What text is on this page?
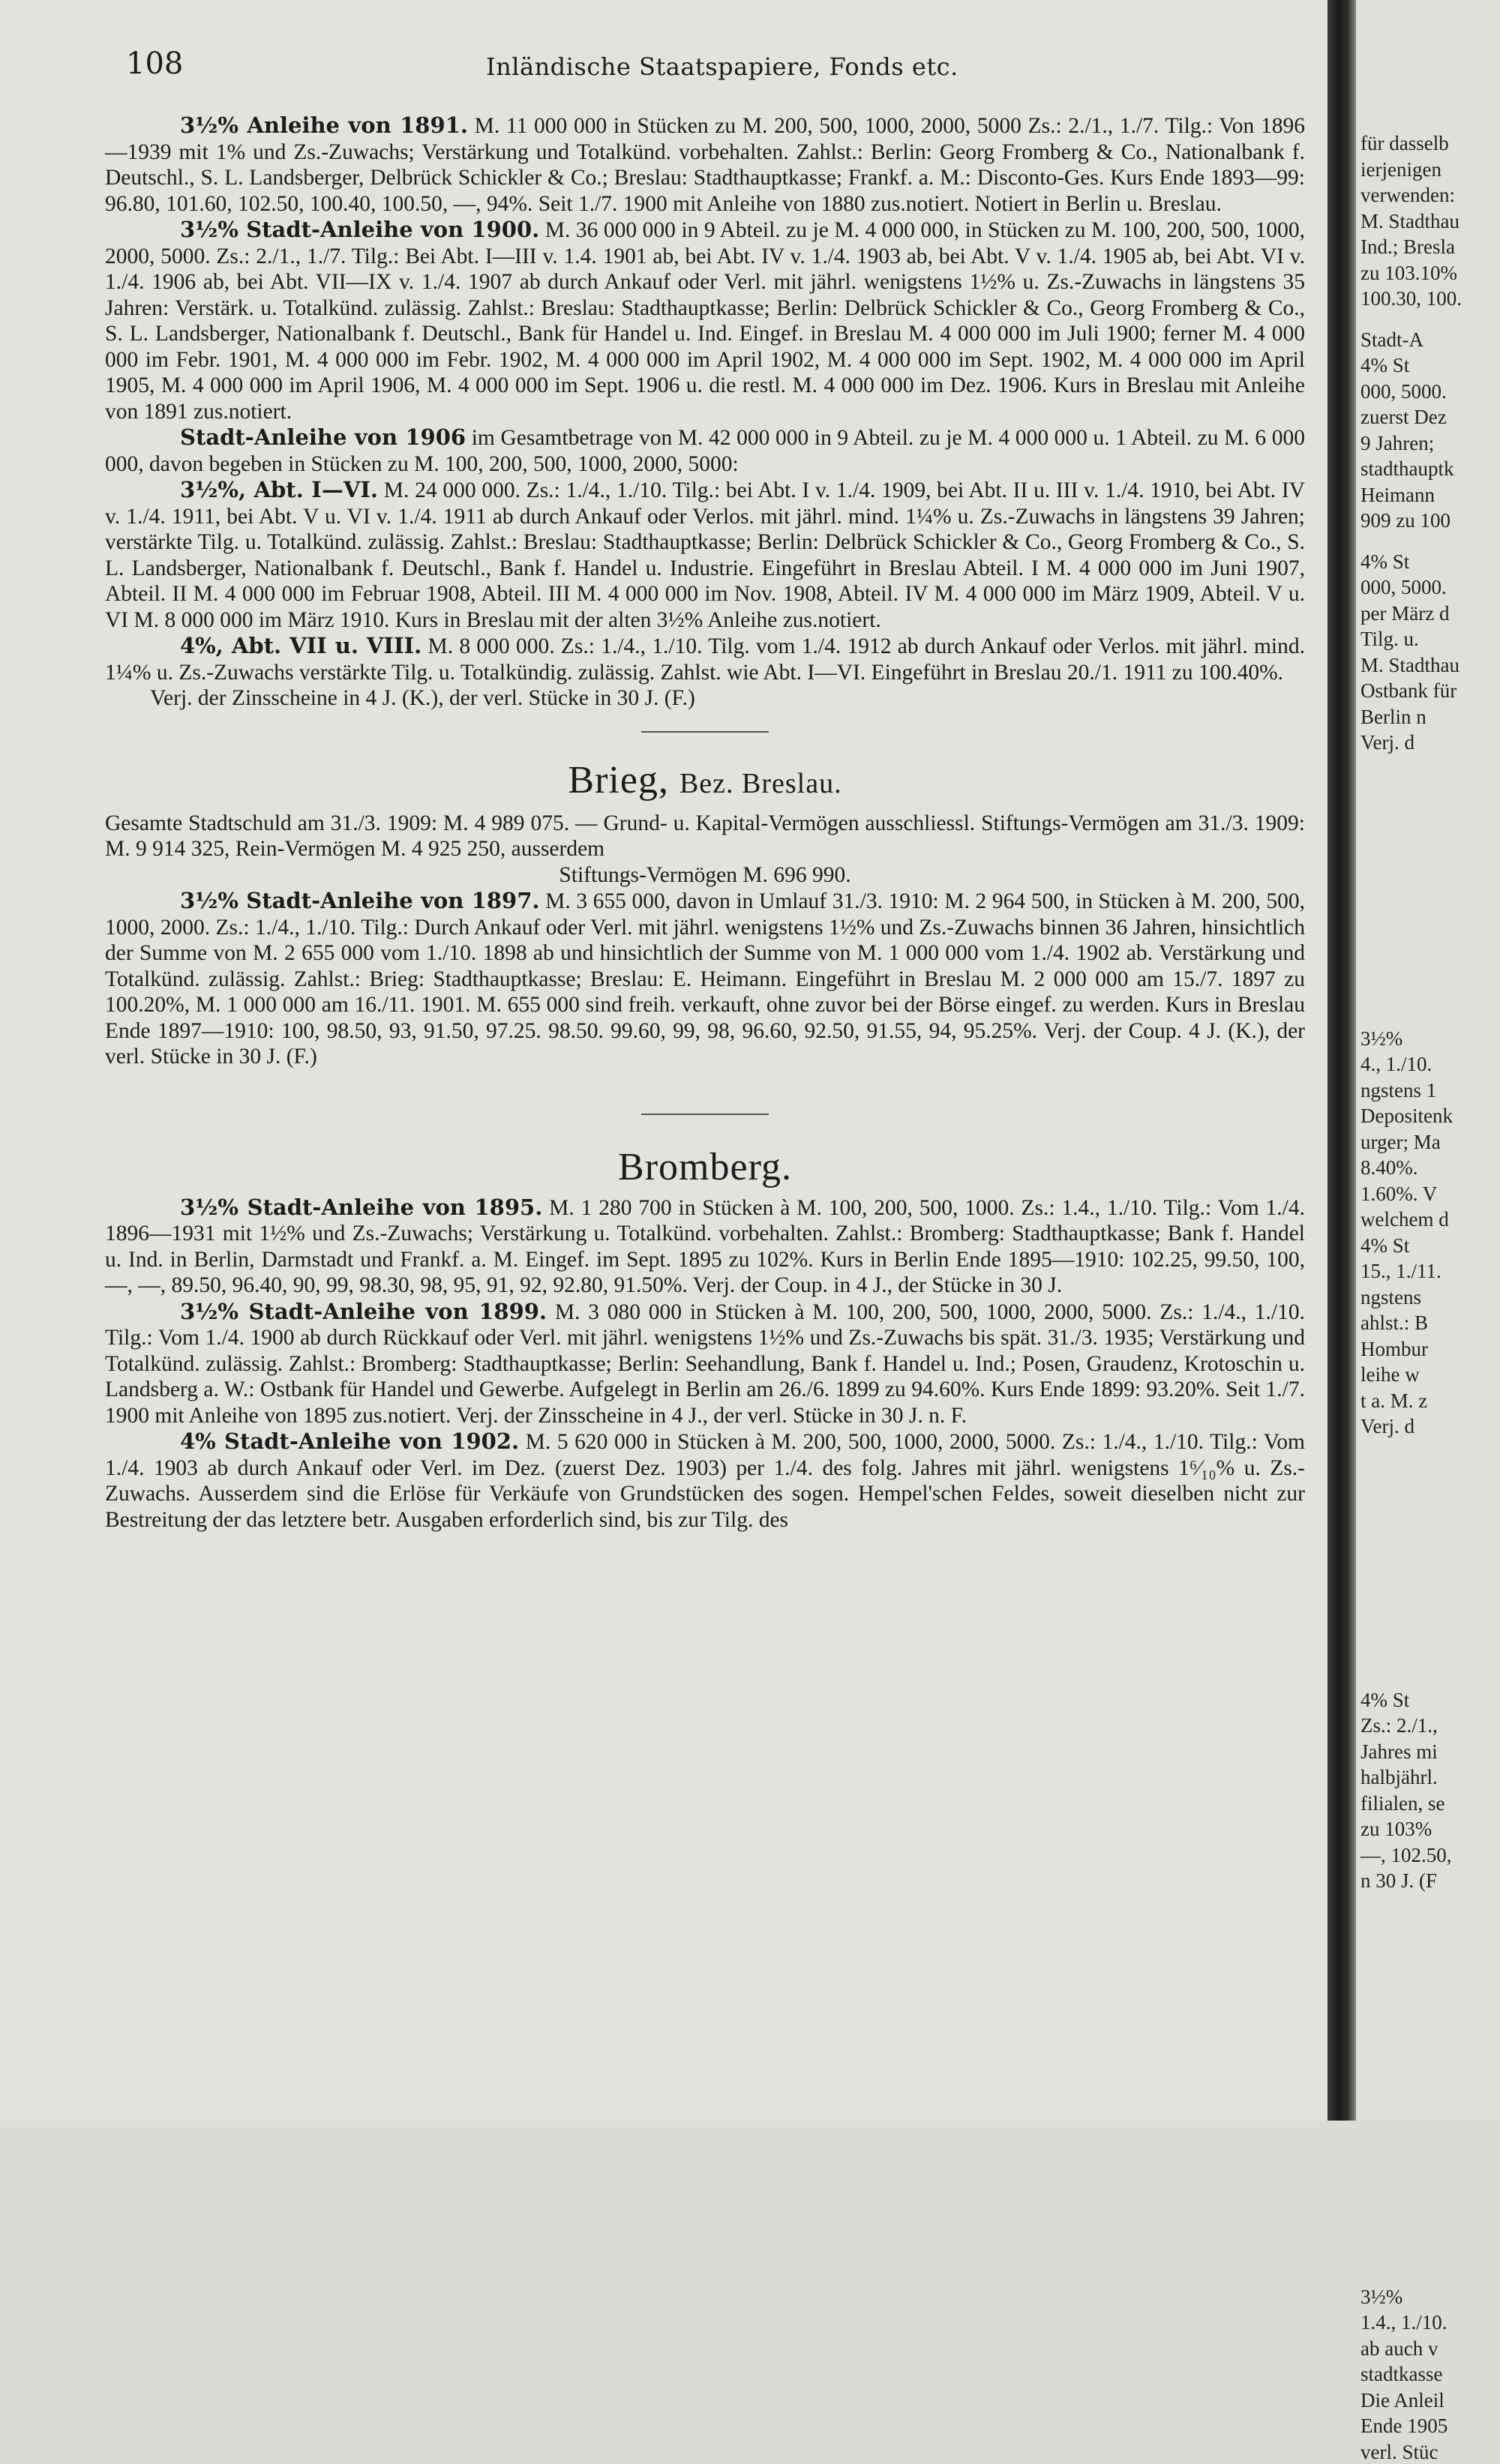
108	Inländische Staatspapiere, Fonds etc.

3½% Anleihe von 1891. M. 11 000 000 in Stücken zu M. 200, 500, 1000, 2000, 5000 Zs.: 2./1., 1./7. Tilg.: Von 1896—1939 mit 1% und Zs.-Zuwachs; Verstärkung und Totalkünd. vorbehalten. Zahlst.: Berlin: Georg Fromberg & Co., Nationalbank f. Deutschl., S. L. Landsberger, Delbrück Schickler & Co.; Breslau: Stadthauptkasse; Frankf. a. M.: Disconto-Ges. Kurs Ende 1893—99: 96.80, 101.60, 102.50, 100.40, 100.50, —, 94%. Seit 1./7. 1900 mit Anleihe von 1880 zus.notiert. Notiert in Berlin u. Breslau.

3½% Stadt-Anleihe von 1900. M. 36 000 000 in 9 Abteil. zu je M. 4 000 000, in Stücken zu M. 100, 200, 500, 1000, 2000, 5000. Zs.: 2./1., 1./7. Tilg.: Bei Abt. I—III v. 1.4. 1901 ab, bei Abt. IV v. 1./4. 1903 ab, bei Abt. V v. 1./4. 1905 ab, bei Abt. VI v. 1./4. 1906 ab, bei Abt. VII—IX v. 1./4. 1907 ab durch Ankauf oder Verl. mit jährl. wenigstens 1½% u. Zs.-Zuwachs in längstens 35 Jahren: Verstärk. u. Totalkünd. zulässig. Zahlst.: Breslau: Stadthauptkasse; Berlin: Delbrück Schickler & Co., Georg Fromberg & Co., S. L. Landsberger, Nationalbank f. Deutschl., Bank für Handel u. Ind. Eingef. in Breslau M. 4 000 000 im Juli 1900; ferner M. 4 000 000 im Febr. 1901, M. 4 000 000 im Febr. 1902, M. 4 000 000 im April 1902, M. 4 000 000 im Sept. 1902, M. 4 000 000 im April 1905, M. 4 000 000 im April 1906, M. 4 000 000 im Sept. 1906 u. die restl. M. 4 000 000 im Dez. 1906. Kurs in Breslau mit Anleihe von 1891 zus.notiert.

Stadt-Anleihe von 1906 im Gesamtbetrage von M. 42 000 000 in 9 Abteil. zu je M. 4 000 000 u. 1 Abteil. zu M. 6 000 000, davon begeben in Stücken zu M. 100, 200, 500, 1000, 2000, 5000:

3½%, Abt. I—VI. M. 24 000 000. Zs.: 1./4., 1./10. Tilg.: bei Abt. I v. 1./4. 1909, bei Abt. II u. III v. 1./4. 1910, bei Abt. IV v. 1./4. 1911, bei Abt. V u. VI v. 1./4. 1911 ab durch Ankauf oder Verlos. mit jährl. mind. 1¼% u. Zs.-Zuwachs in längstens 39 Jahren; verstärkte Tilg. u. Totalkünd. zulässig. Zahlst.: Breslau: Stadthauptkasse; Berlin: Delbrück Schickler & Co., Georg Fromberg & Co., S. L. Landsberger, Nationalbank f. Deutschl., Bank f. Handel u. Industrie. Eingeführt in Breslau Abteil. I M. 4 000 000 im Juni 1907, Abteil. II M. 4 000 000 im Februar 1908, Abteil. III M. 4 000 000 im Nov. 1908, Abteil. IV M. 4 000 000 im März 1909, Abteil. V u. VI M. 8 000 000 im März 1910. Kurs in Breslau mit der alten 3½% Anleihe zus.notiert.

4%, Abt. VII u. VIII. M. 8 000 000. Zs.: 1./4., 1./10. Tilg. vom 1./4. 1912 ab durch Ankauf oder Verlos. mit jährl. mind. 1¼% u. Zs.-Zuwachs verstärkte Tilg. u. Totalkündig. zulässig. Zahlst. wie Abt. I—VI. Eingeführt in Breslau 20./1. 1911 zu 100.40%.

Verj. der Zinsscheine in 4 J. (K.), der verl. Stücke in 30 J. (F.)

Brieg, Bez. Breslau.

Gesamte Stadtschuld am 31./3. 1909: M. 4 989 075. — Grund- u. Kapital-Vermögen ausschliessl. Stiftungs-Vermögen am 31./3. 1909: M. 9 914 325, Rein-Vermögen M. 4 925 250, ausserdem

Stiftungs-Vermögen M. 696 990.

3½% Stadt-Anleihe von 1897. M. 3 655 000, davon in Umlauf 31./3. 1910: M. 2 964 500, in Stücken à M. 200, 500, 1000, 2000. Zs.: 1./4., 1./10. Tilg.: Durch Ankauf oder Verl. mit jährl. wenigstens 1½% und Zs.-Zuwachs binnen 36 Jahren, hinsichtlich der Summe von M. 2 655 000 vom 1./10. 1898 ab und hinsichtlich der Summe von M. 1 000 000 vom 1./4. 1902 ab. Verstärkung und Totalkünd. zulässig. Zahlst.: Brieg: Stadthauptkasse; Breslau: E. Heimann. Eingeführt in Breslau M. 2 000 000 am 15./7. 1897 zu 100.20%, M. 1 000 000 am 16./11. 1901. M. 655 000 sind freih. verkauft, ohne zuvor bei der Börse eingef. zu werden. Kurs in Breslau Ende 1897—1910: 100, 98.50, 93, 91.50, 97.25. 98.50. 99.60, 99, 98, 96.60, 92.50, 91.55, 94, 95.25%. Verj. der Coup. 4 J. (K.), der verl. Stücke in 30 J. (F.)

Bromberg.

3½% Stadt-Anleihe von 1895. M. 1 280 700 in Stücken à M. 100, 200, 500, 1000. Zs.: 1.4., 1./10. Tilg.: Vom 1./4. 1896—1931 mit 1½% und Zs.-Zuwachs; Verstärkung u. Totalkünd. vorbehalten. Zahlst.: Bromberg: Stadthauptkasse; Bank f. Handel u. Ind. in Berlin, Darmstadt und Frankf. a. M. Eingef. im Sept. 1895 zu 102%. Kurs in Berlin Ende 1895—1910: 102.25, 99.50, 100, —, —, 89.50, 96.40, 90, 99, 98.30, 98, 95, 91, 92, 92.80, 91.50%. Verj. der Coup. in 4 J., der Stücke in 30 J.

3½% Stadt-Anleihe von 1899. M. 3 080 000 in Stücken à M. 100, 200, 500, 1000, 2000, 5000. Zs.: 1./4., 1./10. Tilg.: Vom 1./4. 1900 ab durch Rückkauf oder Verl. mit jährl. wenigstens 1½% und Zs.-Zuwachs bis spät. 31./3. 1935; Verstärkung und Totalkünd. zulässig. Zahlst.: Bromberg: Stadthauptkasse; Berlin: Seehandlung, Bank f. Handel u. Ind.; Posen, Graudenz, Krotoschin u. Landsberg a. W.: Ostbank für Handel und Gewerbe. Aufgelegt in Berlin am 26./6. 1899 zu 94.60%. Kurs Ende 1899: 93.20%. Seit 1./7. 1900 mit Anleihe von 1895 zus.notiert. Verj. der Zinsscheine in 4 J., der verl. Stücke in 30 J. n. F.

4% Stadt-Anleihe von 1902. M. 5 620 000 in Stücken à M. 200, 500, 1000, 2000, 5000. Zs.: 1./4., 1./10. Tilg.: Vom 1./4. 1903 ab durch Ankauf oder Verl. im Dez. (zuerst Dez. 1903) per 1./4. des folg. Jahres mit jährl. wenigstens 1⁶⁄₁₀% u. Zs.-Zuwachs. Ausserdem sind die Erlöse für Verkäufe von Grundstücken des sogen. Hempel'schen Feldes, soweit dieselben nicht zur Bestreitung der das letztere betr. Ausgaben erforderlich sind, bis zur Tilg. des

für dasselb
ierjenigen
verwenden:
M. Stadthau
Ind.; Bresla
zu 103.10%
100.30, 100.
Stadt-A
4% St
000, 5000.
zuerst Dez
9 Jahren;
stadthauptk
Heimann
909 zu 100
4% St
000, 5000.
per März d
Tilg. u.
M. Stadthau
Ostbank für
Berlin n
Verj. d
3½%
4., 1./10.
ngstens 1
Depositenk
urger; Ma
8.40%.
1.60%. V
welchem d
4% St
15., 1./11.
ngstens
ahlst.: B
Hombur
leihe w
t a. M. z
Verj. d
4% St
Zs.: 2./1.,
Jahres mi
halbjährl.
filialen, se
zu 103%
—, 102.50,
n 30 J. (F
3½%
1.4., 1./10.
ab auch v
stadtkasse
Die Anleil
Ende 1905
verl. Stüc
